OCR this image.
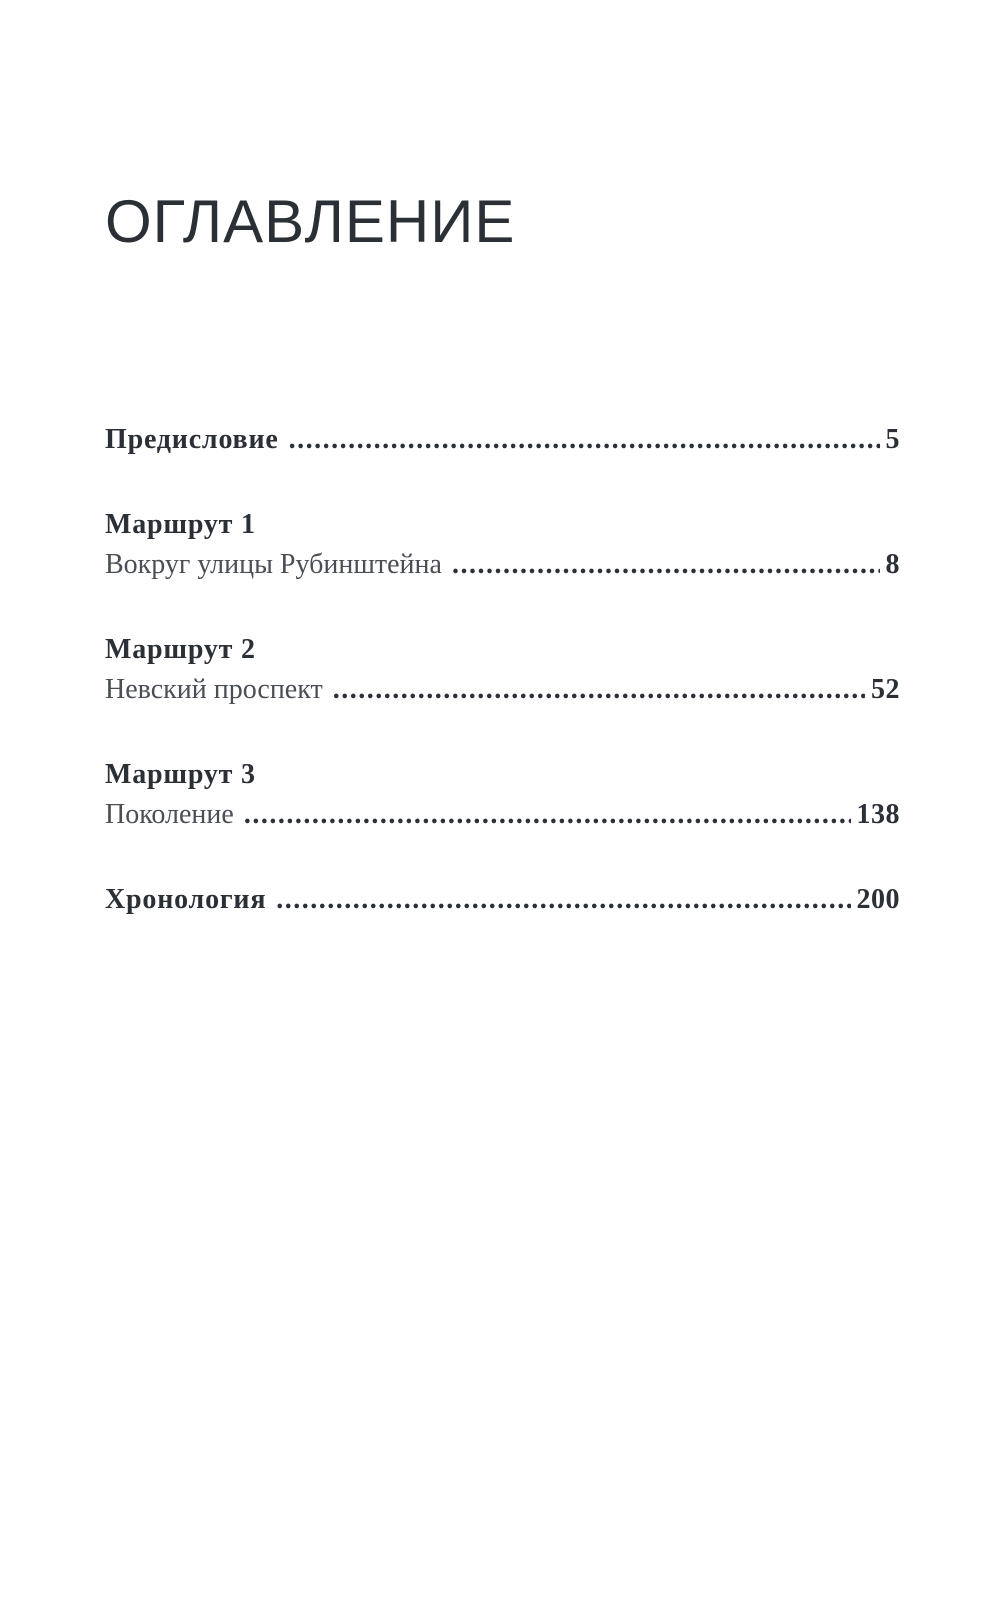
ОГЛАВЛЕНИЕ
Предисловие .....	5
Маршрут 1
Вокруг улицы Рубинштейна .....	8
Маршрут 2
Невский проспект .....	52
Маршрут 3
Поколение .....	138
Хронология .....	200
